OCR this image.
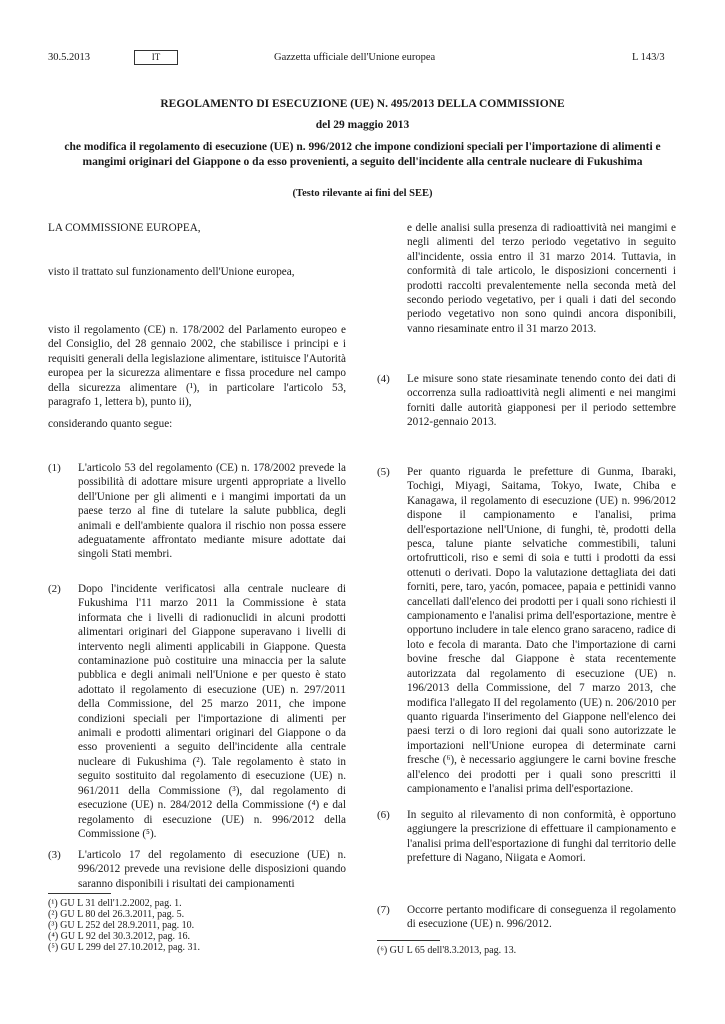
30.5.2013	IT	Gazzetta ufficiale dell'Unione europea	L 143/3
REGOLAMENTO DI ESECUZIONE (UE) N. 495/2013 DELLA COMMISSIONE
del 29 maggio 2013
che modifica il regolamento di esecuzione (UE) n. 996/2012 che impone condizioni speciali per l'importazione di alimenti e mangimi originari del Giappone o da esso provenienti, a seguito dell'incidente alla centrale nucleare di Fukushima
(Testo rilevante ai fini del SEE)

LA COMMISSIONE EUROPEA,

visto il trattato sul funzionamento dell'Unione europea,

visto il regolamento (CE) n. 178/2002 del Parlamento europeo e del Consiglio, del 28 gennaio 2002, che stabilisce i principi e i requisiti generali della legislazione alimentare, istituisce l'Autorità europea per la sicurezza alimentare e fissa procedure nel campo della sicurezza alimentare (¹), in particolare l'articolo 53, paragrafo 1, lettera b), punto ii),

considerando quanto segue:

(1) L'articolo 53 del regolamento (CE) n. 178/2002 prevede la possibilità di adottare misure urgenti appropriate a livello dell'Unione per gli alimenti e i mangimi importati da un paese terzo al fine di tutelare la salute pubblica, degli animali e dell'ambiente qualora il rischio non possa essere adeguatamente affrontato mediante misure adottate dai singoli Stati membri.

(2) Dopo l'incidente verificatosi alla centrale nucleare di Fukushima l'11 marzo 2011 la Commissione è stata informata che i livelli di radionuclidi in alcuni prodotti alimentari originari del Giappone superavano i livelli di intervento negli alimenti applicabili in Giappone. Questa contaminazione può costituire una minaccia per la salute pubblica e degli animali nell'Unione e per questo è stato adottato il regolamento di esecuzione (UE) n. 297/2011 della Commissione, del 25 marzo 2011, che impone condizioni speciali per l'importazione di alimenti per animali e prodotti alimentari originari del Giappone o da esso provenienti a seguito dell'incidente alla centrale nucleare di Fukushima (²). Tale regolamento è stato in seguito sostituito dal regolamento di esecuzione (UE) n. 961/2011 della Commissione (³), dal regolamento di esecuzione (UE) n. 284/2012 della Commissione (⁴) e dal regolamento di esecuzione (UE) n. 996/2012 della Commissione (⁵).

(3) L'articolo 17 del regolamento di esecuzione (UE) n. 996/2012 prevede una revisione delle disposizioni quando saranno disponibili i risultati dei campionamenti

(¹) GU L 31 dell'1.2.2002, pag. 1.
(²) GU L 80 del 26.3.2011, pag. 5.
(³) GU L 252 del 28.9.2011, pag. 10.
(⁴) GU L 92 del 30.3.2012, pag. 16.
(⁵) GU L 299 del 27.10.2012, pag. 31.

e delle analisi sulla presenza di radioattività nei mangimi e negli alimenti del terzo periodo vegetativo in seguito all'incidente, ossia entro il 31 marzo 2014. Tuttavia, in conformità di tale articolo, le disposizioni concernenti i prodotti raccolti prevalentemente nella seconda metà del secondo periodo vegetativo, per i quali i dati del secondo periodo vegetativo non sono quindi ancora disponibili, vanno riesaminate entro il 31 marzo 2013.

(4) Le misure sono state riesaminate tenendo conto dei dati di occorrenza sulla radioattività negli alimenti e nei mangimi forniti dalle autorità giapponesi per il periodo settembre 2012-gennaio 2013.

(5) Per quanto riguarda le prefetture di Gunma, Ibaraki, Tochigi, Miyagi, Saitama, Tokyo, Iwate, Chiba e Kanagawa, il regolamento di esecuzione (UE) n. 996/2012 dispone il campionamento e l'analisi, prima dell'esportazione nell'Unione, di funghi, tè, prodotti della pesca, talune piante selvatiche commestibili, taluni ortofrutticoli, riso e semi di soia e tutti i prodotti da essi ottenuti o derivati. Dopo la valutazione dettagliata dei dati forniti, pere, taro, yacón, pomacee, papaia e pettinidi vanno cancellati dall'elenco dei prodotti per i quali sono richiesti il campionamento e l'analisi prima dell'esportazione, mentre è opportuno includere in tale elenco grano saraceno, radice di loto e fecola di maranta. Dato che l'importazione di carni bovine fresche dal Giappone è stata recentemente autorizzata dal regolamento di esecuzione (UE) n. 196/2013 della Commissione, del 7 marzo 2013, che modifica l'allegato II del regolamento (UE) n. 206/2010 per quanto riguarda l'inserimento del Giappone nell'elenco dei paesi terzi o di loro regioni dai quali sono autorizzate le importazioni nell'Unione europea di determinate carni fresche (⁶), è necessario aggiungere le carni bovine fresche all'elenco dei prodotti per i quali sono prescritti il campionamento e l'analisi prima dell'esportazione.

(6) In seguito al rilevamento di non conformità, è opportuno aggiungere la prescrizione di effettuare il campionamento e l'analisi prima dell'esportazione di funghi dal territorio delle prefetture di Nagano, Niigata e Aomori.

(7) Occorre pertanto modificare di conseguenza il regolamento di esecuzione (UE) n. 996/2012.

(⁶) GU L 65 dell'8.3.2013, pag. 13.
